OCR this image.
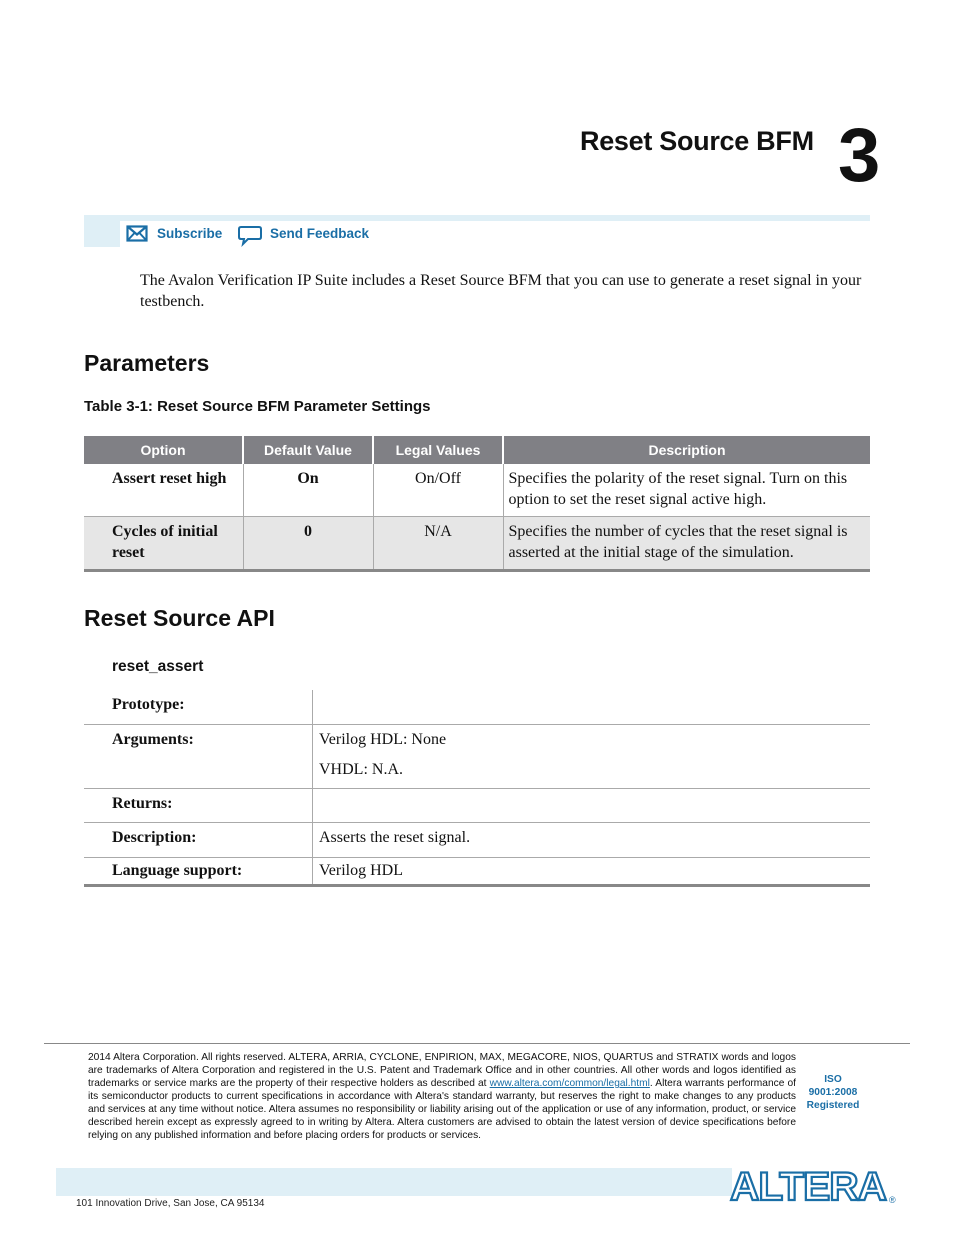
Reset Source BFM 3
Subscribe	Send Feedback
The Avalon Verification IP Suite includes a Reset Source BFM that you can use to generate a reset signal in your testbench.
Parameters
Table 3-1: Reset Source BFM Parameter Settings
Option	Default Value	Legal Values	Description
Assert reset high	On	On/Off	Specifies the polarity of the reset signal. Turn on this option to set the reset signal active high.
Cycles of initial reset	0	N/A	Specifies the number of cycles that the reset signal is asserted at the initial stage of the simulation.
Reset Source API
reset_assert
Prototype:	
Arguments:	Verilog HDL: None
VHDL: N.A.

Returns:	
Description:	Asserts the reset signal.
Language support:	Verilog HDL
2014 Altera Corporation. All rights reserved. ALTERA, ARRIA, CYCLONE, ENPIRION, MAX, MEGACORE, NIOS, QUARTUS and STRATIX words and logos are trademarks of Altera Corporation and registered in the U.S. Patent and Trademark Office and in other countries. All other words and logos identified as trademarks or service marks are the property of their respective holders as described at www.altera.com/common/legal.html. Altera warrants performance of its semiconductor products to current specifications in accordance with Altera's standard warranty, but reserves the right to make changes to any products and services at any time without notice. Altera assumes no responsibility or liability arising out of the application or use of any information, product, or service described herein except as expressly agreed to in writing by Altera. Altera customers are advised to obtain the latest version of device specifications before relying on any published information and before placing orders for products or services.
ISO
9001:2008
Registered
101 Innovation Drive, San Jose, CA 95134	ALTERA ®
